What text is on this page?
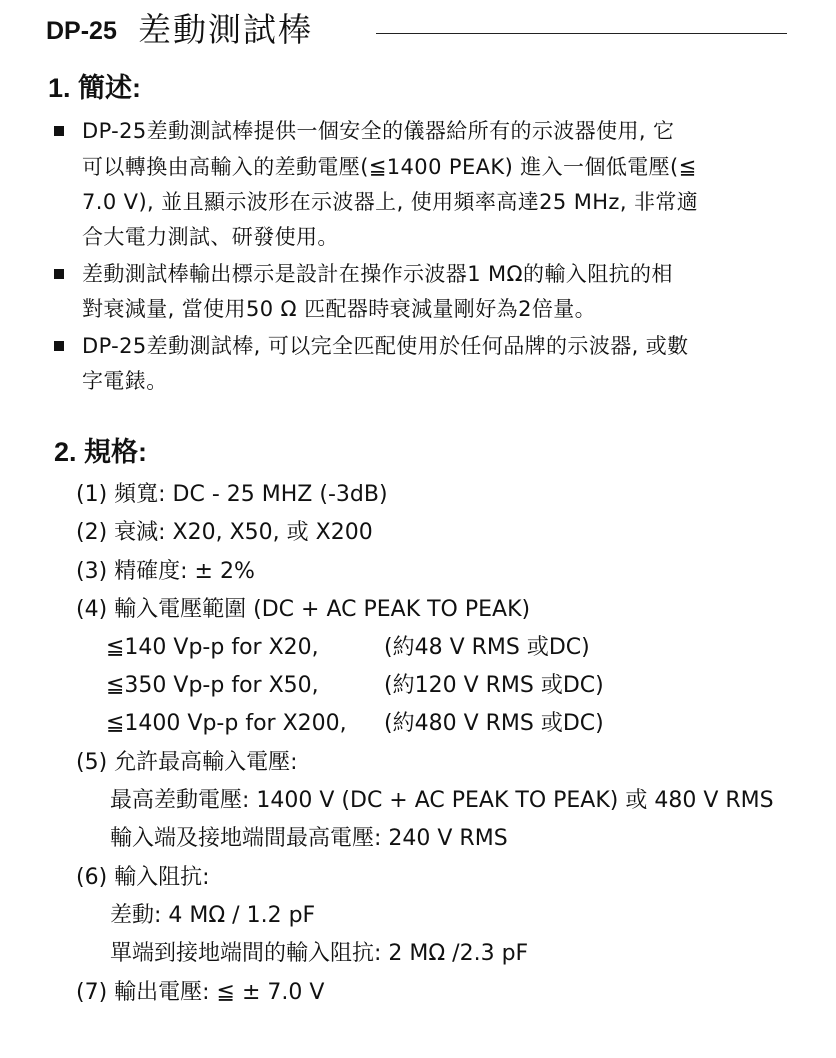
DP-25 差動測試棒
1. 簡述:
DP-25差動測試棒提供一個安全的儀器給所有的示波器使用, 它
可以轉換由高輸入的差動電壓(≦1400 PEAK) 進入一個低電壓(≦
7.0 V), 並且顯示波形在示波器上, 使用頻率高達25 MHz, 非常適
合大電力測試、研發使用。
差動測試棒輸出標示是設計在操作示波器1 MΩ的輸入阻抗的相
對衰減量, 當使用50 Ω 匹配器時衰減量剛好為2倍量。
DP-25差動測試棒, 可以完全匹配使用於任何品牌的示波器, 或數
字電錶。
2. 規格:
(1) 頻寬: DC - 25 MHZ (-3dB)
(2) 衰減: X20, X50, 或 X200
(3) 精確度: ± 2%
(4) 輸入電壓範圍 (DC + AC PEAK TO PEAK)
≦140 Vp-p for X20,	(約48 V RMS 或DC)
≦350 Vp-p for X50,	(約120 V RMS 或DC)
≦1400 Vp-p for X200, (約480 V RMS 或DC)
(5) 允許最高輸入電壓:
最高差動電壓: 1400 V (DC + AC PEAK TO PEAK) 或 480 V RMS
輸入端及接地端間最高電壓: 240 V RMS
(6) 輸入阻抗:
差動: 4 MΩ / 1.2 pF
單端到接地端間的輸入阻抗: 2 MΩ /2.3 pF
(7) 輸出電壓: ≦ ± 7.0 V
